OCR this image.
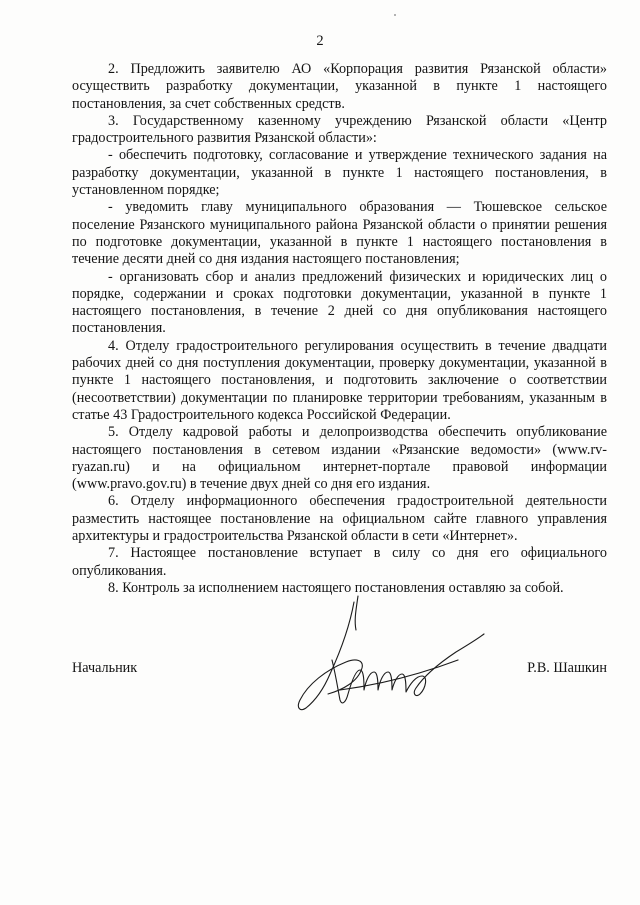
2

2. Предложить заявителю АО «Корпорация развития Рязанской области» осуществить разработку документации, указанной в пункте 1 настоящего постановления, за счет собственных средств.

3. Государственному казенному учреждению Рязанской области «Центр градостроительного развития Рязанской области»:

- обеспечить подготовку, согласование и утверждение технического задания на разработку документации, указанной в пункте 1 настоящего постановления, в установленном порядке;

- уведомить главу муниципального образования — Тюшевское сельское поселение Рязанского муниципального района Рязанской области о принятии решения по подготовке документации, указанной в пункте 1 настоящего постановления в течение десяти дней со дня издания настоящего постановления;

- организовать сбор и анализ предложений физических и юридических лиц о порядке, содержании и сроках подготовки документации, указанной в пункте 1 настоящего постановления, в течение 2 дней со дня опубликования настоящего постановления.

4. Отделу градостроительного регулирования осуществить в течение двадцати рабочих дней со дня поступления документации, проверку документации, указанной в пункте 1 настоящего постановления, и подготовить заключение о соответствии (несоответствии) документации по планировке территории требованиям, указанным в статье 43 Градостроительного кодекса Российской Федерации.

5. Отделу кадровой работы и делопроизводства обеспечить опубликование настоящего постановления в сетевом издании «Рязанские ведомости» (www.rv-ryazan.ru) и на официальном интернет-портале правовой информации (www.pravo.gov.ru) в течение двух дней со дня его издания.

6. Отделу информационного обеспечения градостроительной деятельности разместить настоящее постановление на официальном сайте главного управления архитектуры и градостроительства Рязанской области в сети «Интернет».

7. Настоящее постановление вступает в силу со дня его официального опубликования.

8. Контроль за исполнением настоящего постановления оставляю за собой.

Начальник	Р.В. Шашкин
